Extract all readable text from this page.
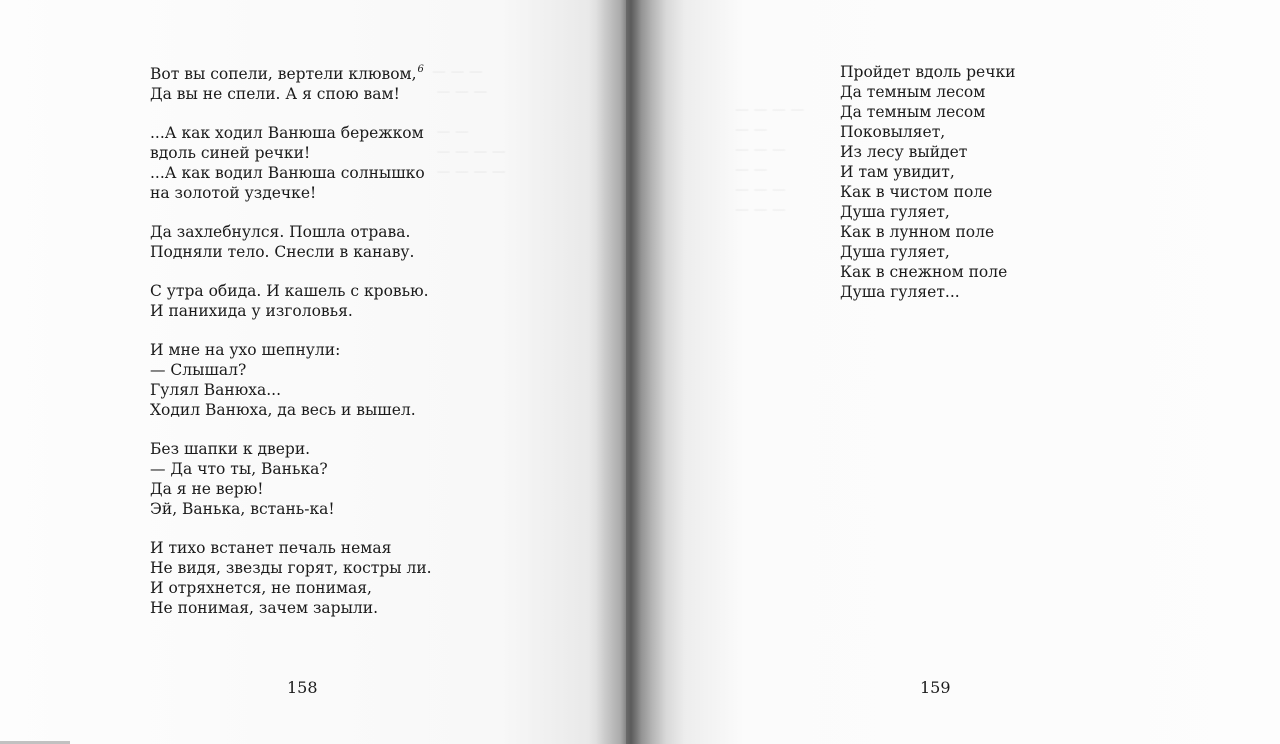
— — —
— — —

— —
— — — —
— — — —
— — — —
— —
— — —
— —
— — —
— — —
Вот вы сопели, вертели клювом,$^6$
Да вы не спели. А я спою вам!
...А как ходил Ванюша бережком
вдоль синей речки!
...А как водил Ванюша солнышко
на золотой уздечке!
Да захлебнулся. Пошла отрава.
Подняли тело. Снесли в канаву.
С утра обида. И кашель с кровью.
И панихида у изголовья.
И мне на ухо шепнули:
— Слышал?
Гулял Ванюха...
Ходил Ванюха, да весь и вышел.
Без шапки к двери.
— Да что ты, Ванька?
Да я не верю!
Эй, Ванька, встань-ка!
И тихо встанет печаль немая
Не видя, звезды горят, костры ли.
И отряхнется, не понимая,
Не понимая, зачем зарыли.
Пройдет вдоль речки
Да темным лесом
Да темным лесом
Поковыляет,
Из лесу выйдет
И там увидит,
Как в чистом поле
Душа гуляет,
Как в лунном поле
Душа гуляет,
Как в снежном поле
Душа гуляет...
158	159
